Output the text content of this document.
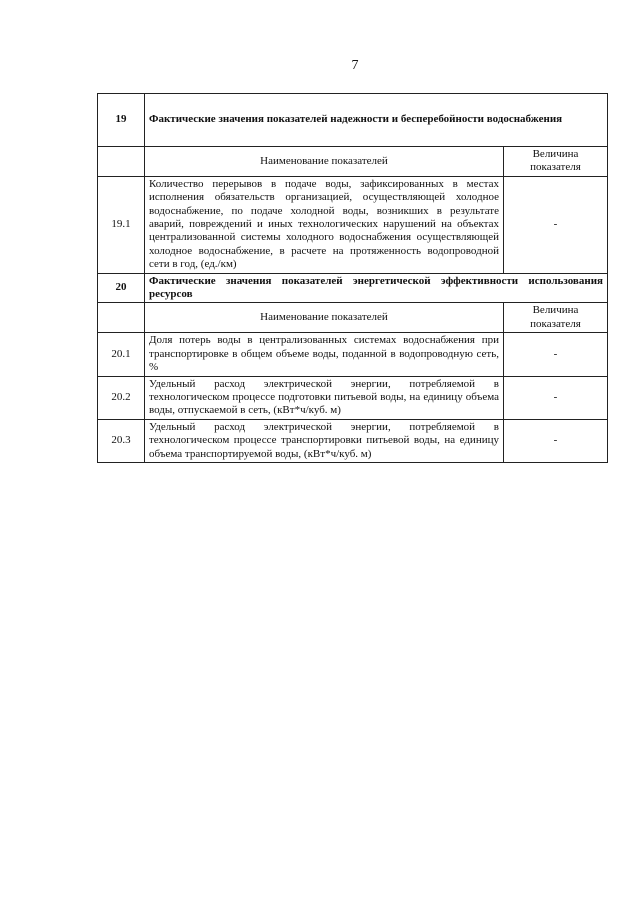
7
19	Фактические значения показателей надежности и бесперебойности водоснабжения	
	Наименование показателей	Величина показателя
19.1	Количество перерывов в подаче воды, зафиксированных в местах исполнения обязательств организацией, осуществляющей холодное водоснабжение, по подаче холодной воды, возникших в результате аварий, повреждений и иных технологических нарушений на объектах централизованной системы холодного водоснабжения осуществляющей холодное водоснабжение, в расчете на протяженность водопроводной сети в год, (ед./км)	-
20	Фактические значения показателей энергетической эффективности использования ресурсов	
	Наименование показателей	Величина показателя
20.1	Доля потерь воды в централизованных системах водоснабжения при транспортировке в общем объеме воды, поданной в водопроводную сеть, %	-
20.2	Удельный расход электрической энергии, потребляемой в технологическом процессе подготовки питьевой воды, на единицу объема воды, отпускаемой в сеть, (кВт*ч/куб. м)	-
20.3	Удельный расход электрической энергии, потребляемой в технологическом процессе транспортировки питьевой воды, на единицу объема транспортируемой воды, (кВт*ч/куб. м)	-
